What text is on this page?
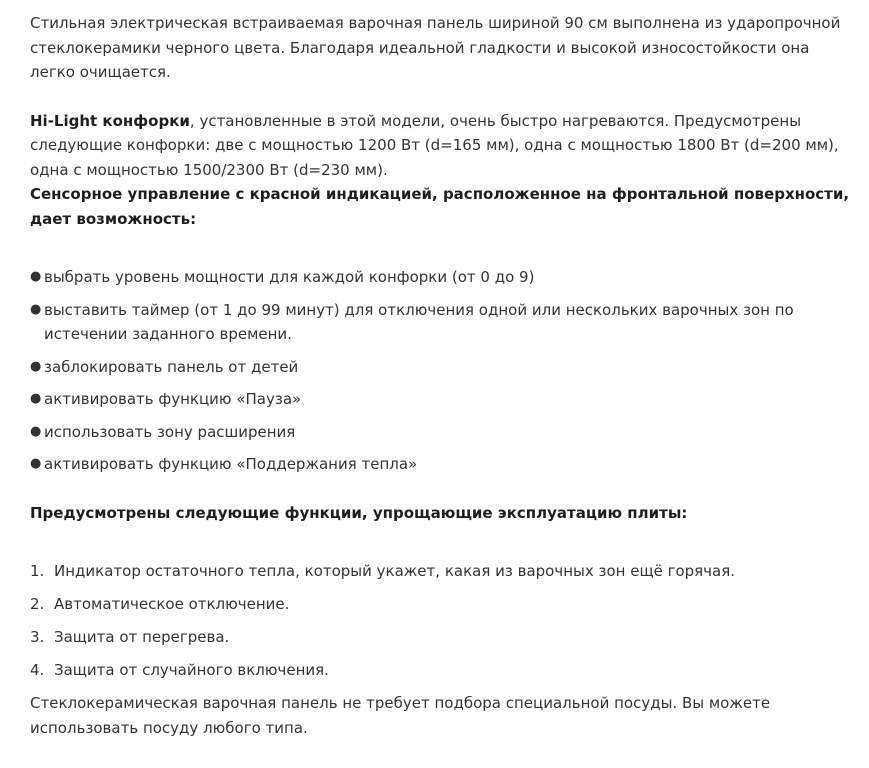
Стильная электрическая встраиваемая варочная панель шириной 90 см выполнена из ударопрочной стеклокерамики черного цвета. Благодаря идеальной гладкости и высокой износостойкости она легко очищается.

Hi-Light конфорки, установленные в этой модели, очень быстро нагреваются. Предусмотрены следующие конфорки: две с мощностью 1200 Вт (d=165 мм), одна с мощностью 1800 Вт (d=200 мм), одна с мощностью 1500/2300 Вт (d=230 мм).

Сенсорное управление с красной индикацией, расположенное на фронтальной поверхности, дает возможность:

● выбрать уровень мощности для каждой конфорки (от 0 до 9)
● выставить таймер (от 1 до 99 минут) для отключения одной или нескольких варочных зон по истечении заданного времени.
● заблокировать панель от детей
● активировать функцию «Пауза»
● использовать зону расширения
● активировать функцию «Поддержания тепла»

Предусмотрены следующие функции, упрощающие эксплуатацию плиты:

1. Индикатор остаточного тепла, который укажет, какая из варочных зон ещё горячая.
2. Автоматическое отключение.
3. Защита от перегрева.
4. Защита от случайного включения.

Стеклокерамическая варочная панель не требует подбора специальной посуды. Вы можете использовать посуду любого типа.
